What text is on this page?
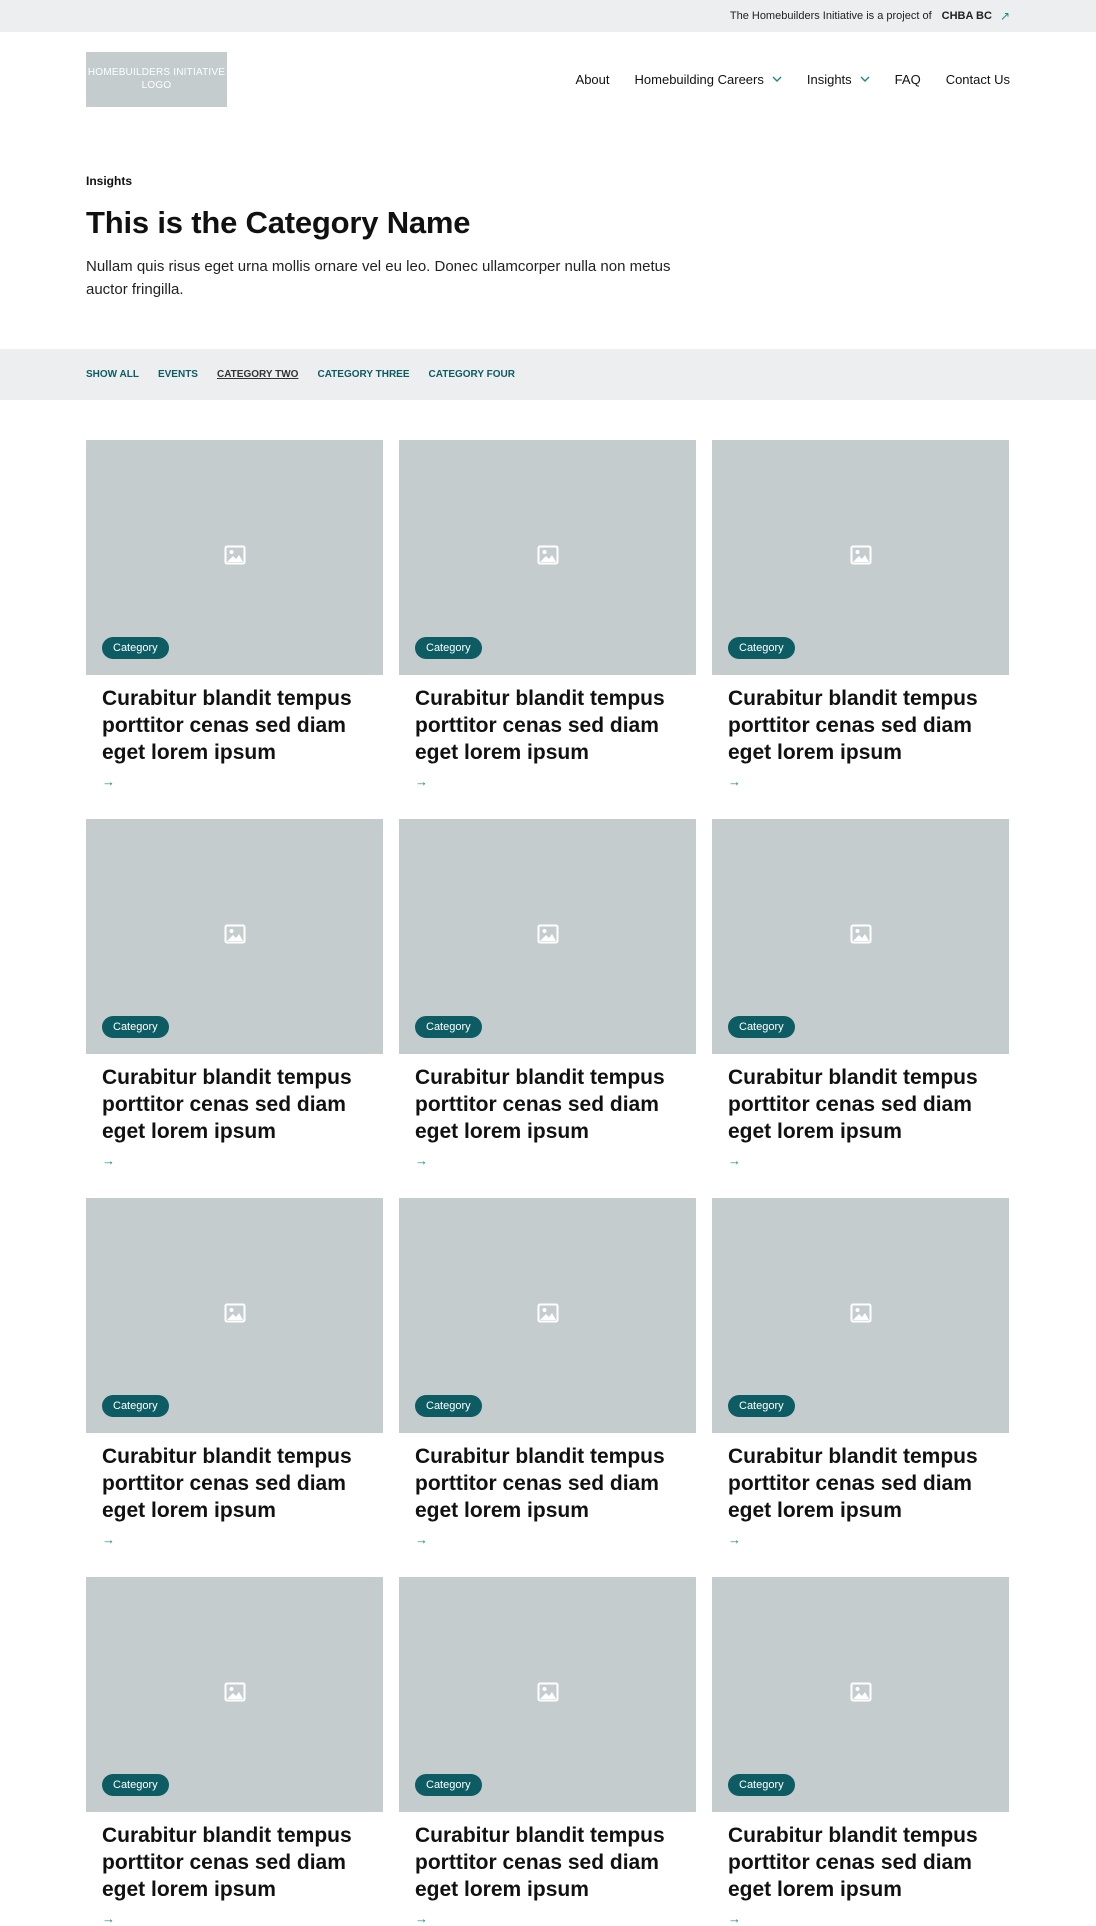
The Homebuilders Initiative is a project of CHBA BC ↗
HOMEBUILDERS INITIATIVE LOGO	About Homebuilding Careers	Insights	FAQ Contact Us
Insights
This is the Category Name

Nullam quis risus eget urna mollis ornare vel eu leo. Donec ullamcorper nulla non metus auctor fringilla.

SHOW ALL EVENTS CATEGORY TWO CATEGORY THREE CATEGORY FOUR
Category
Curabitur blandit tempus porttitor cenas sed diam eget lorem ipsum
→
Category
Curabitur blandit tempus porttitor cenas sed diam eget lorem ipsum
→
Category
Curabitur blandit tempus porttitor cenas sed diam eget lorem ipsum
→
Category
Curabitur blandit tempus porttitor cenas sed diam eget lorem ipsum
→
Category
Curabitur blandit tempus porttitor cenas sed diam eget lorem ipsum
→
Category
Curabitur blandit tempus porttitor cenas sed diam eget lorem ipsum
→
Category
Curabitur blandit tempus porttitor cenas sed diam eget lorem ipsum
→
Category
Curabitur blandit tempus porttitor cenas sed diam eget lorem ipsum
→
Category
Curabitur blandit tempus porttitor cenas sed diam eget lorem ipsum
→
Category
Curabitur blandit tempus porttitor cenas sed diam eget lorem ipsum
→
Category
Curabitur blandit tempus porttitor cenas sed diam eget lorem ipsum
→
Category
Curabitur blandit tempus porttitor cenas sed diam eget lorem ipsum
→
